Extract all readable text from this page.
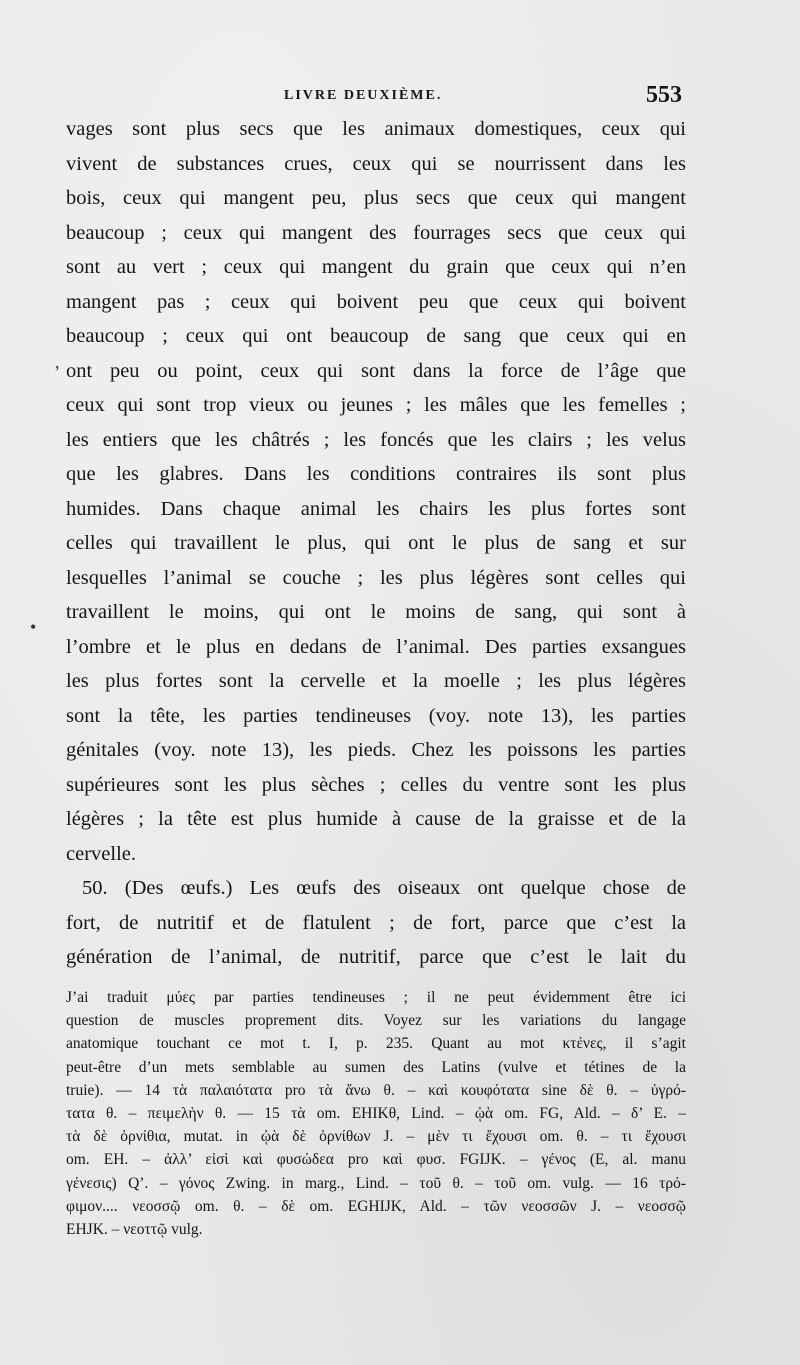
LIVRE DEUXIÈME.	553
,
•
vages sont plus secs que les animaux domestiques, ceux qui
vivent de substances crues, ceux qui se nourrissent dans les
bois, ceux qui mangent peu, plus secs que ceux qui mangent
beaucoup ; ceux qui mangent des fourrages secs que ceux qui
sont au vert ; ceux qui mangent du grain que ceux qui n’en
mangent pas ; ceux qui boivent peu que ceux qui boivent
beaucoup ; ceux qui ont beaucoup de sang que ceux qui en
ont peu ou point, ceux qui sont dans la force de l’âge que
ceux qui sont trop vieux ou jeunes ; les mâles que les femelles ;
les entiers que les châtrés ; les foncés que les clairs ; les velus
que les glabres. Dans les conditions contraires ils sont plus
humides. Dans chaque animal les chairs les plus fortes sont
celles qui travaillent le plus, qui ont le plus de sang et sur
lesquelles l’animal se couche ; les plus légères sont celles qui
travaillent le moins, qui ont le moins de sang, qui sont à
l’ombre et le plus en dedans de l’animal. Des parties exsangues
les plus fortes sont la cervelle et la moelle ; les plus légères
sont la tête, les parties tendineuses (voy. note 13), les parties
génitales (voy. note 13), les pieds. Chez les poissons les parties
supérieures sont les plus sèches ; celles du ventre sont les plus
légères ; la tête est plus humide à cause de la graisse et de la
cervelle.
50. (Des œufs.) Les œufs des oiseaux ont quelque chose de
fort, de nutritif et de flatulent ; de fort, parce que c’est la
génération de l’animal, de nutritif, parce que c’est le lait du
J’ai traduit μύες par parties tendineuses ; il ne peut évidemment être ici
question de muscles proprement dits. Voyez sur les variations du langage
anatomique touchant ce mot t. I, p. 235. Quant au mot κτένες, il s’agit
peut-être d’un mets semblable au sumen des Latins (vulve et tétines de la
truie). — 14 τὰ παλαιότατα pro τὰ ἄνω θ. – καὶ κουφότατα sine δὲ θ. – ὑγρό-
τατα θ. – πειμελὴν θ. — 15 τὰ om. EHIKθ, Lind. – ᾠὰ om. FG, Ald. – δ’ E. –
τὰ δὲ ὀρνίθια, mutat. in ᾠὰ δὲ ὀρνίθων J. – μὲν τι ἔχουσι om. θ. – τι ἔχουσι
om. EH. – ἀλλ’ εἰσὶ καὶ φυσώδεα pro καὶ φυσ. FGIJK. – γένος (E, al. manu
γένεσις) Q’. – γόνος Zwing. in marg., Lind. – τοῦ θ. – τοῦ om. vulg. — 16 τρό-
φιμον.... νεοσσῷ om. θ. – δὲ om. EGHIJK, Ald. – τῶν νεοσσῶν J. – νεοσσῷ
EHJK. – νεοττῷ vulg.
